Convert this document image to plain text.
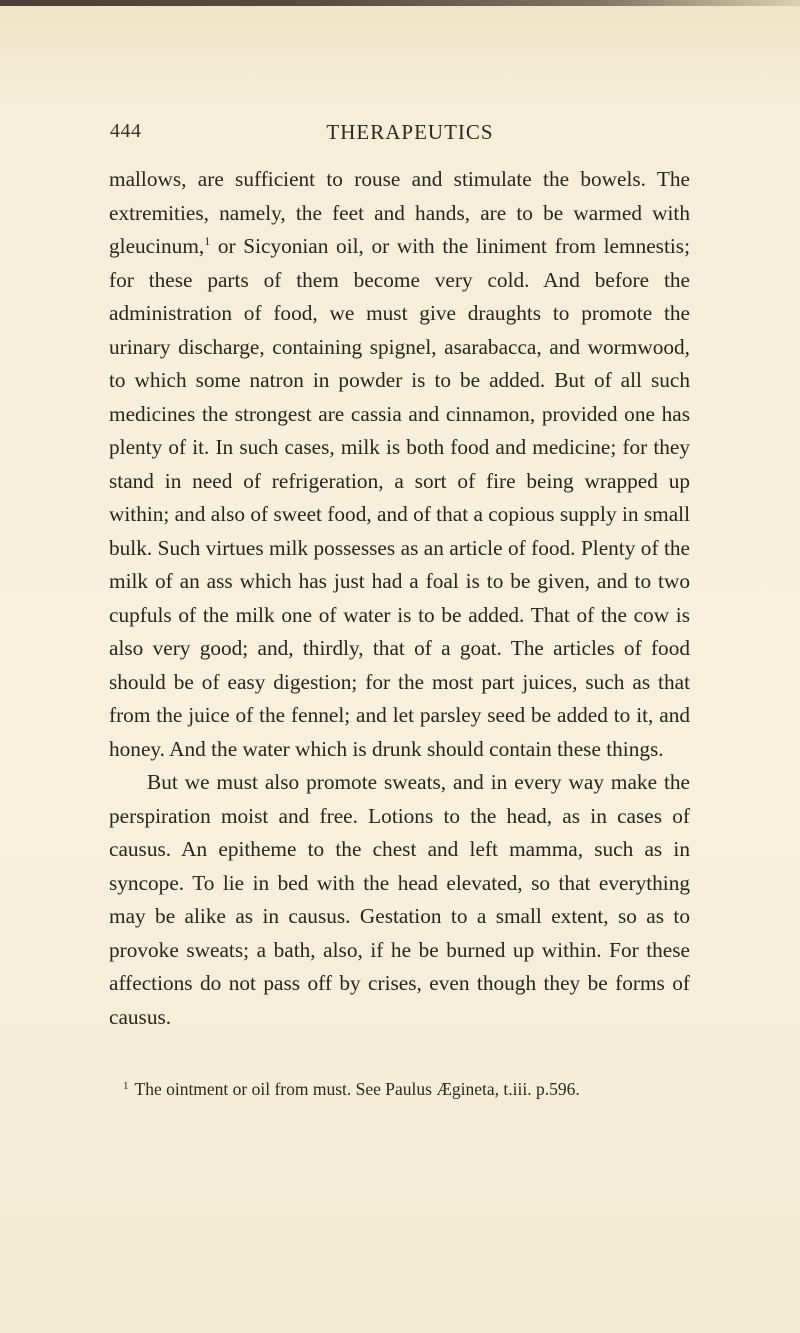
444	THERAPEUTICS

mallows, are sufficient to rouse and stimulate the bowels. The extremities, namely, the feet and hands, are to be warmed with gleucinum,$^1$ or Sicyonian oil, or with the liniment from lemnestis; for these parts of them become very cold. And before the administration of food, we must give draughts to promote the urinary discharge, containing spignel, asarabacca, and wormwood, to which some natron in powder is to be added. But of all such medicines the strongest are cassia and cinnamon, provided one has plenty of it. In such cases, milk is both food and medicine; for they stand in need of refrigeration, a sort of fire being wrapped up within; and also of sweet food, and of that a copious supply in small bulk. Such virtues milk possesses as an article of food. Plenty of the milk of an ass which has just had a foal is to be given, and to two cupfuls of the milk one of water is to be added. That of the cow is also very good; and, thirdly, that of a goat. The articles of food should be of easy digestion; for the most part juices, such as that from the juice of the fennel; and let parsley seed be added to it, and honey. And the water which is drunk should contain these things.

But we must also promote sweats, and in every way make the perspiration moist and free. Lotions to the head, as in cases of causus. An epitheme to the chest and left mamma, such as in syncope. To lie in bed with the head elevated, so that everything may be alike as in causus. Gestation to a small extent, so as to provoke sweats; a bath, also, if he be burned up within. For these affections do not pass off by crises, even though they be forms of causus.

$^1$ The ointment or oil from must. See Paulus Ægineta, t.iii. p.596.
